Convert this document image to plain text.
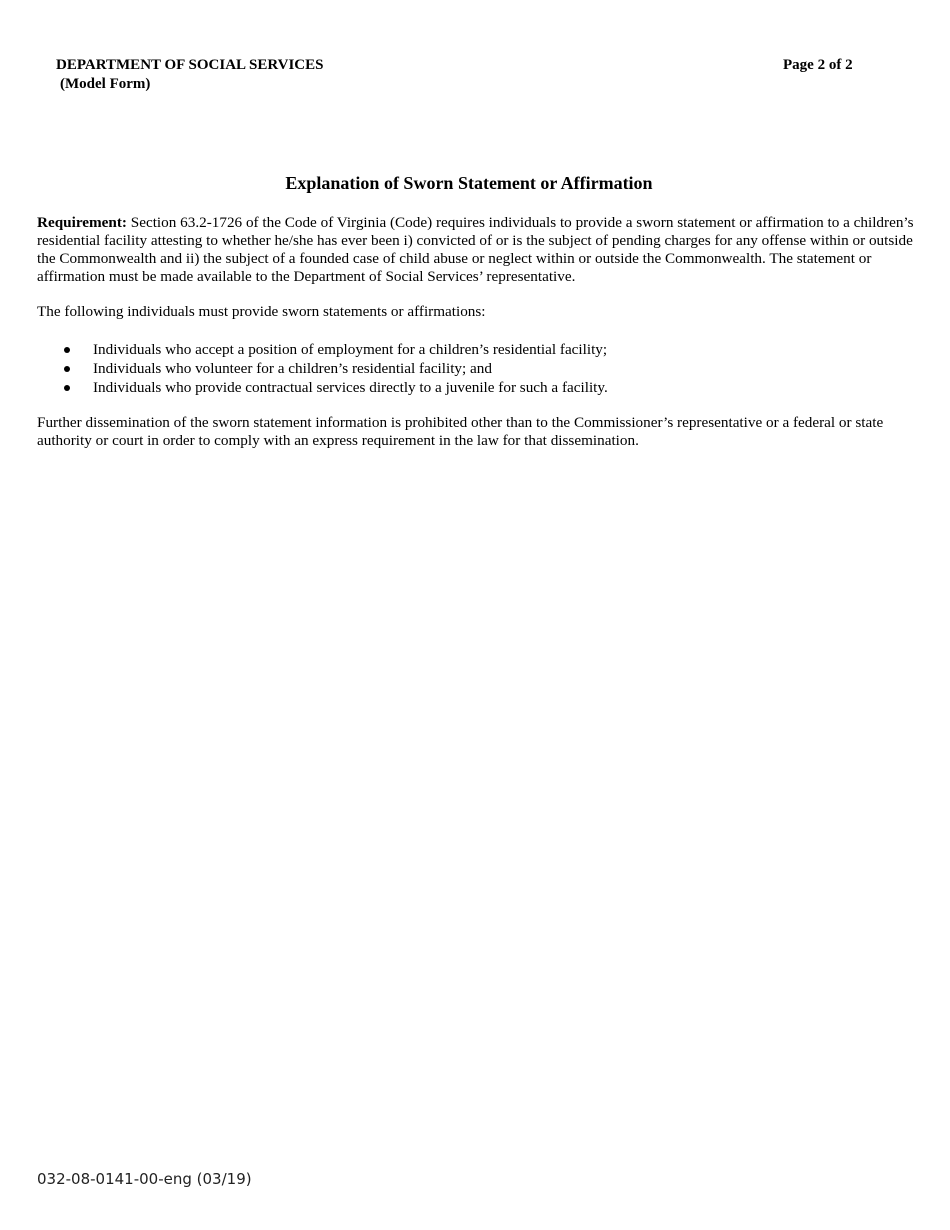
DEPARTMENT OF SOCIAL SERVICES
(Model Form)
Page 2 of 2
Explanation of Sworn Statement or Affirmation
Requirement: Section 63.2-1726 of the Code of Virginia (Code) requires individuals to provide a sworn statement or affirmation to a children’s residential facility attesting to whether he/she has ever been i) convicted of or is the subject of pending charges for any offense within or outside the Commonwealth and ii) the subject of a founded case of child abuse or neglect within or outside the Commonwealth. The statement or affirmation must be made available to the Department of Social Services’ representative.
The following individuals must provide sworn statements or affirmations:
Individuals who accept a position of employment for a children’s residential facility;
Individuals who volunteer for a children’s residential facility; and
Individuals who provide contractual services directly to a juvenile for such a facility.
Further dissemination of the sworn statement information is prohibited other than to the Commissioner’s representative or a federal or state authority or court in order to comply with an express requirement in the law for that dissemination.
032-08-0141-00-eng (03/19)
